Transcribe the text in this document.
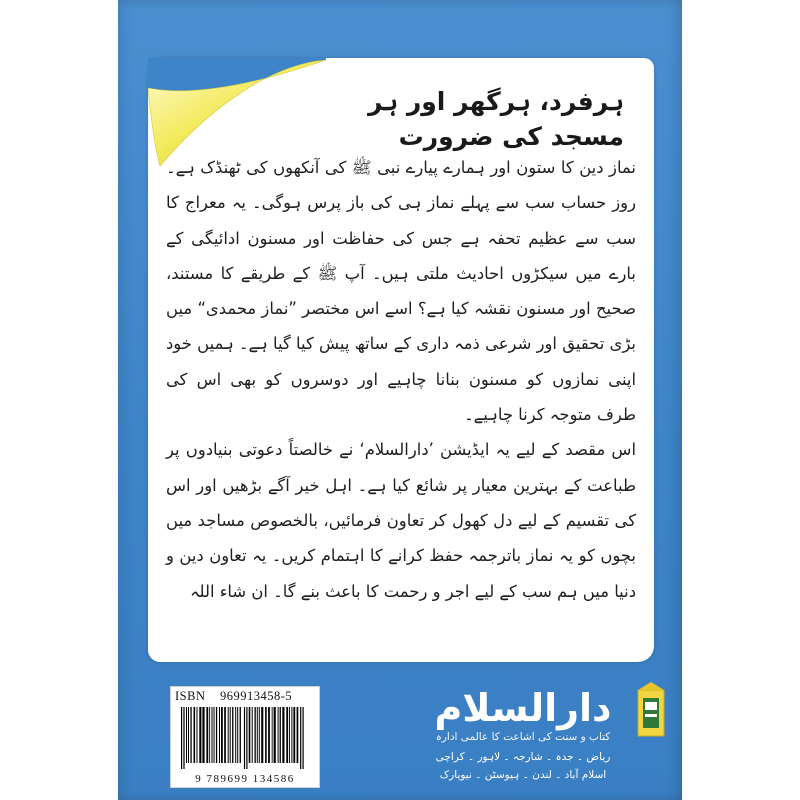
ہرفرد، ہرگھر اور ہر مسجد کی ضرورت

نماز دین کا ستون اور ہمارے پیارے نبی ﷺ کی آنکھوں کی ٹھنڈک ہے۔ روز حساب سب سے پہلے نماز ہی کی باز پرس ہوگی۔ یہ معراج کا سب سے عظیم تحفہ ہے جس کی حفاظت اور مسنون ادائیگی کے بارے میں سیکڑوں احادیث ملتی ہیں۔ آپ ﷺ کے طریقے کا مستند، صحیح اور مسنون نقشہ کیا ہے؟ اسے اس مختصر ”نماز محمدی“ میں بڑی تحقیق اور شرعی ذمہ داری کے ساتھ پیش کیا گیا ہے۔ ہمیں خود اپنی نمازوں کو مسنون بنانا چاہیے اور دوسروں کو بھی اس کی طرف متوجہ کرنا چاہیے۔

اس مقصد کے لیے یہ ایڈیشن ’دارالسلام‘ نے خالصتاً دعوتی بنیادوں پر طباعت کے بہترین معیار پر شائع کیا ہے۔ اہل خیر آگے بڑھیں اور اس کی تقسیم کے لیے دل کھول کر تعاون فرمائیں، بالخصوص مساجد میں بچوں کو یہ نماز باترجمہ حفظ کرانے کا اہتمام کریں۔ یہ تعاون دین و دنیا میں ہم سب کے لیے اجر و رحمت کا باعث بنے گا۔ ان شاء اللہ

ISBN 969913458-5
9 789699 134586

دارالسلام

کتاب و سنت کی اشاعت کا عالمی ادارہ

ریاض ۔ جدہ ۔ شارجہ ۔ لاہور ۔ کراچی
اسلام آباد ۔ لندن ۔ ہیوسٹن ۔ نیویارک
